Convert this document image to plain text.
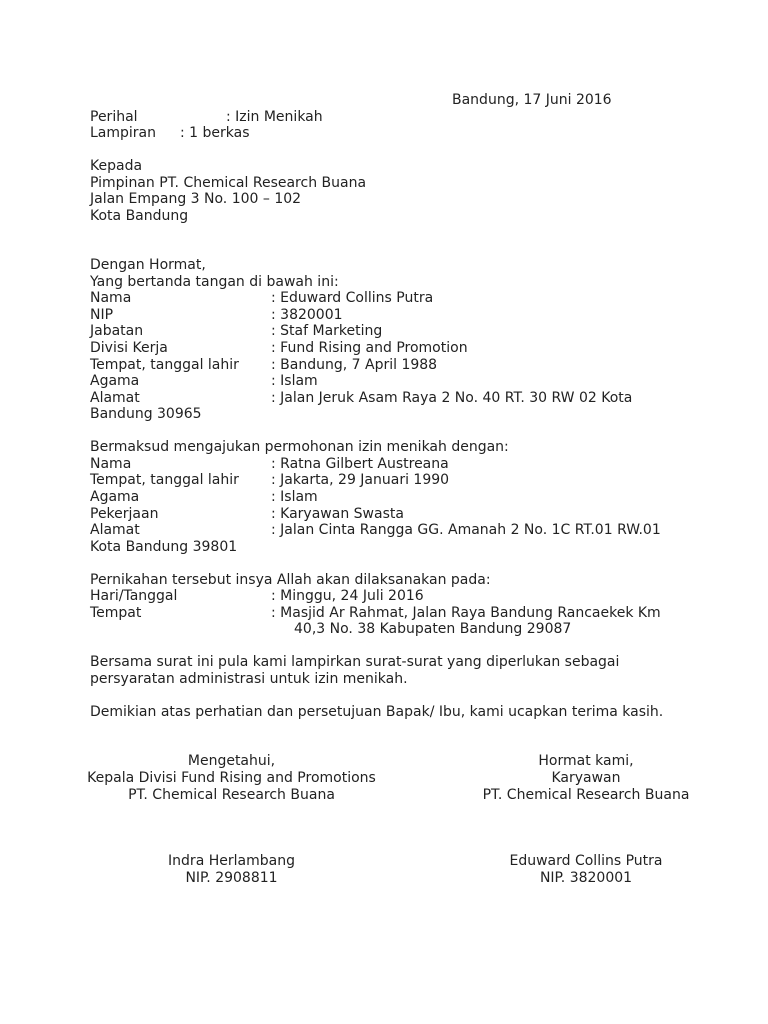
Bandung, 17 Juni 2016
Perihal	: Izin Menikah
Lampiran : 1 berkas
Kepada
Pimpinan PT. Chemical Research Buana
Jalan Empang 3 No. 100 – 102
Kota Bandung
Dengan Hormat,
Yang bertanda tangan di bawah ini:
Nama	: Eduward Collins Putra
NIP	: 3820001
Jabatan	: Staf Marketing
Divisi Kerja	: Fund Rising and Promotion
Tempat, tanggal lahir : Bandung, 7 April 1988
Agama	: Islam
Alamat	: Jalan Jeruk Asam Raya 2 No. 40 RT. 30 RW 02 Kota
Bandung 30965
Bermaksud mengajukan permohonan izin menikah dengan:
Nama	: Ratna Gilbert Austreana
Tempat, tanggal lahir : Jakarta, 29 Januari 1990
Agama	: Islam
Pekerjaan	: Karyawan Swasta
Alamat	: Jalan Cinta Rangga GG. Amanah 2 No. 1C RT.01 RW.01
Kota Bandung 39801
Pernikahan tersebut insya Allah akan dilaksanakan pada:
Hari/Tanggal	: Minggu, 24 Juli 2016
Tempat	: Masjid Ar Rahmat, Jalan Raya Bandung Rancaekek Km
40,3 No. 38 Kabupaten Bandung 29087
Bersama surat ini pula kami lampirkan surat-surat yang diperlukan sebagai
persyaratan administrasi untuk izin menikah.
Demikian atas perhatian dan persetujuan Bapak/ Ibu, kami ucapkan terima kasih.
Mengetahui,
Kepala Divisi Fund Rising and Promotions
PT. Chemical Research Buana
Indra Herlambang
NIP. 2908811
Hormat kami,
Karyawan
PT. Chemical Research Buana
Eduward Collins Putra
NIP. 3820001
